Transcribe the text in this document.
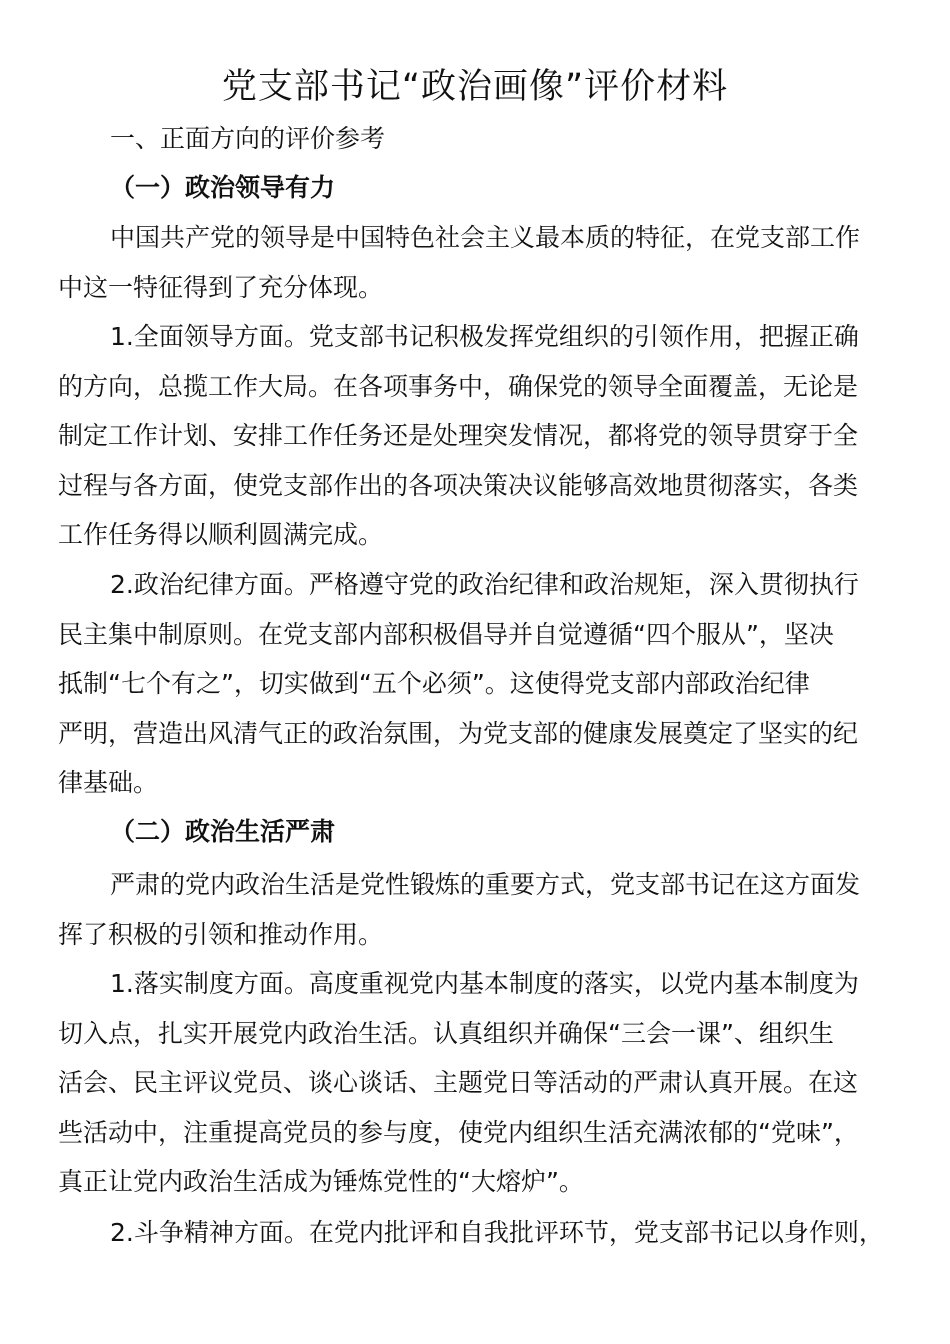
党支部书记“政治画像”评价材料
一、正面方向的评价参考
（一）政治领导有力
中国共产党的领导是中国特色社会主义最本质的特征，在党支部工作
中这一特征得到了充分体现。
1.全面领导方面。党支部书记积极发挥党组织的引领作用，把握正确
的方向，总揽工作大局。在各项事务中，确保党的领导全面覆盖，无论是
制定工作计划、安排工作任务还是处理突发情况，都将党的领导贯穿于全
过程与各方面，使党支部作出的各项决策决议能够高效地贯彻落实，各类
工作任务得以顺利圆满完成。
2.政治纪律方面。严格遵守党的政治纪律和政治规矩，深入贯彻执行
民主集中制原则。在党支部内部积极倡导并自觉遵循“四个服从”，坚决
抵制“七个有之”，切实做到“五个必须”。这使得党支部内部政治纪律
严明，营造出风清气正的政治氛围，为党支部的健康发展奠定了坚实的纪
律基础。
（二）政治生活严肃
严肃的党内政治生活是党性锻炼的重要方式，党支部书记在这方面发
挥了积极的引领和推动作用。
1.落实制度方面。高度重视党内基本制度的落实，以党内基本制度为
切入点，扎实开展党内政治生活。认真组织并确保“三会一课”、组织生
活会、民主评议党员、谈心谈话、主题党日等活动的严肃认真开展。在这
些活动中，注重提高党员的参与度，使党内组织生活充满浓郁的“党味”，
真正让党内政治生活成为锤炼党性的“大熔炉”。
2.斗争精神方面。在党内批评和自我批评环节，党支部书记以身作则，
